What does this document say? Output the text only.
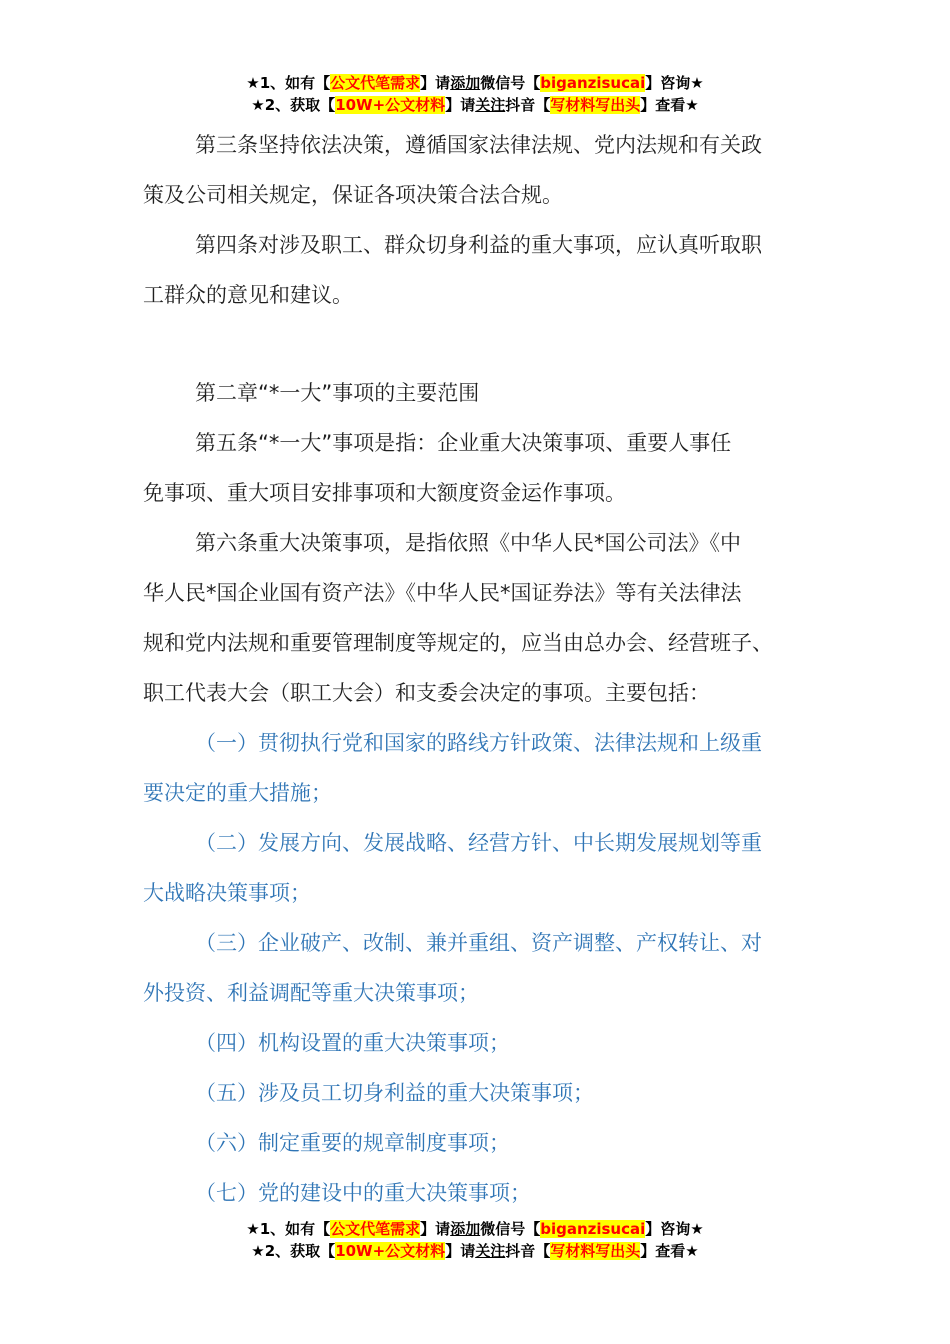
★1、如有【公文代笔需求】请添加微信号【biganzisucai】咨询★
★2、获取【10W+公文材料】请关注抖音【写材料写出头】查看★
第三条坚持依法决策，遵循国家法律法规、党内法规和有关政
策及公司相关规定，保证各项决策合法合规。
第四条对涉及职工、群众切身利益的重大事项，应认真听取职
工群众的意见和建议。
第二章“*一大”事项的主要范围
第五条“*一大”事项是指：企业重大决策事项、重要人事任
免事项、重大项目安排事项和大额度资金运作事项。
第六条重大决策事项，是指依照《中华人民*国公司法》《中
华人民*国企业国有资产法》《中华人民*国证券法》等有关法律法
规和党内法规和重要管理制度等规定的，应当由总办会、经营班子、
职工代表大会（职工大会）和支委会决定的事项。主要包括：
（一）贯彻执行党和国家的路线方针政策、法律法规和上级重
要决定的重大措施；
（二）发展方向、发展战略、经营方针、中长期发展规划等重
大战略决策事项；
（三）企业破产、改制、兼并重组、资产调整、产权转让、对
外投资、利益调配等重大决策事项；
（四）机构设置的重大决策事项；
（五）涉及员工切身利益的重大决策事项；
（六）制定重要的规章制度事项；
（七）党的建设中的重大决策事项；
★1、如有【公文代笔需求】请添加微信号【biganzisucai】咨询★
★2、获取【10W+公文材料】请关注抖音【写材料写出头】查看★
